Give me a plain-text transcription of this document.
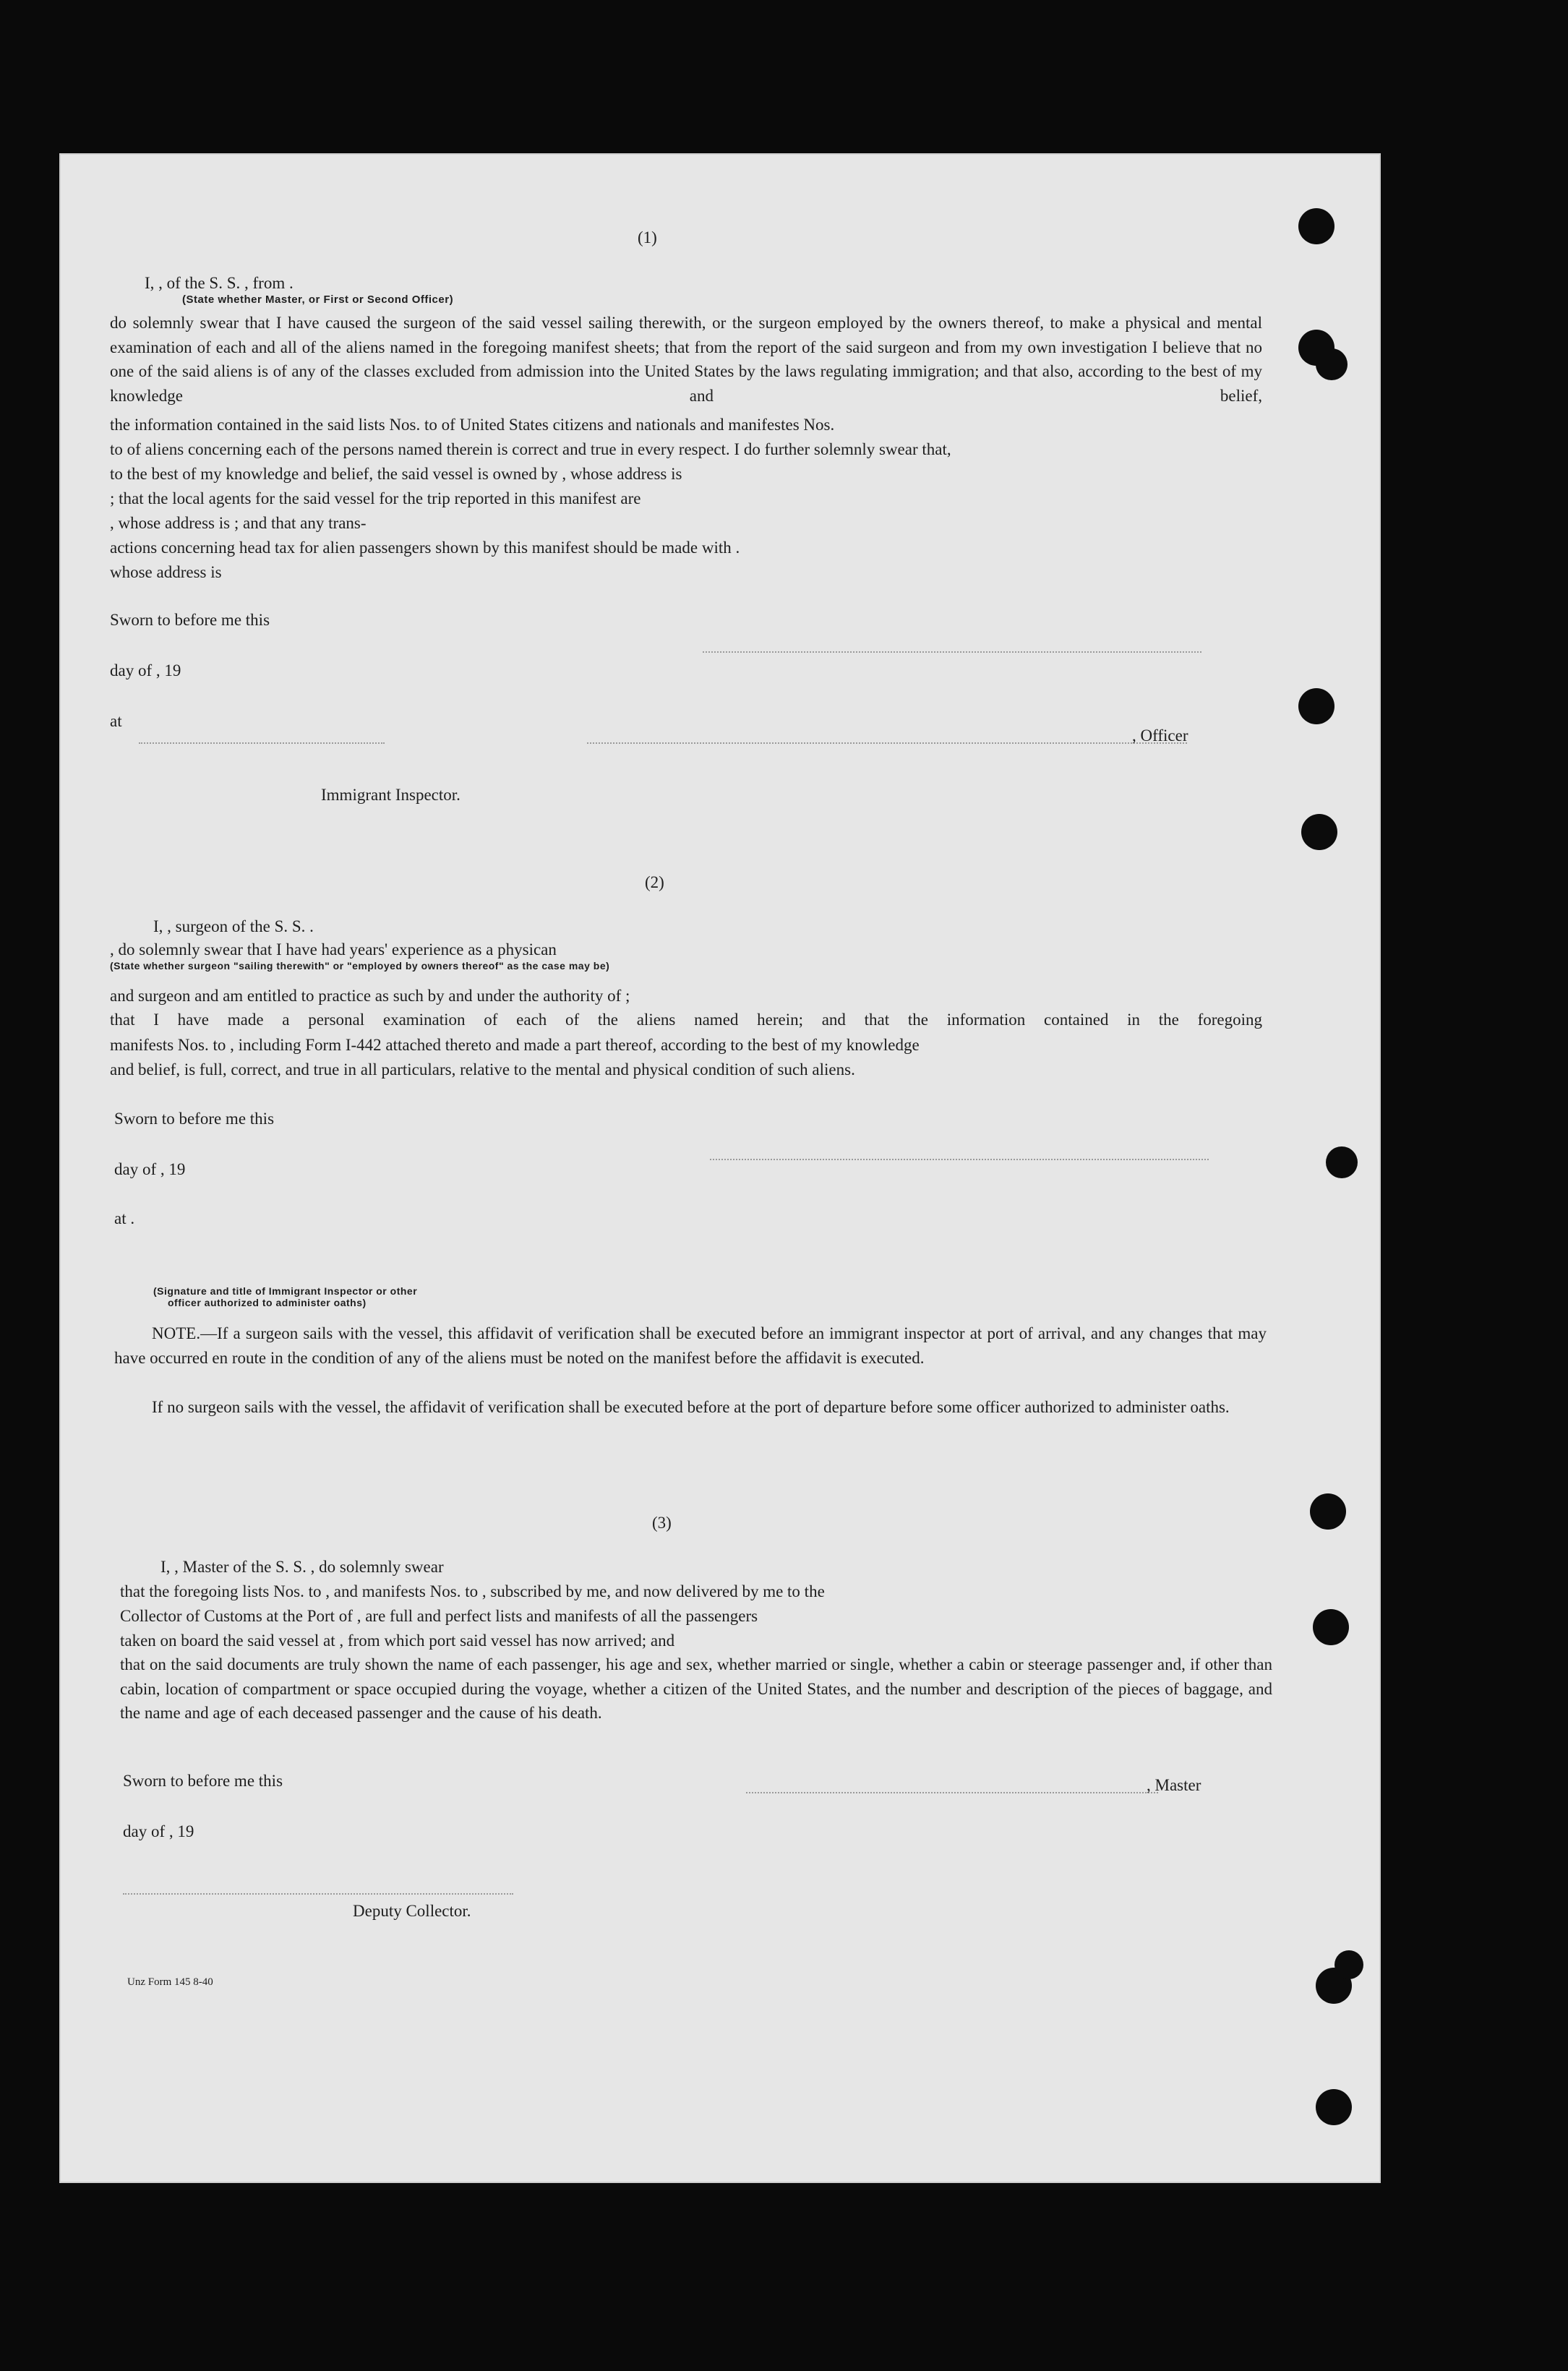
(1)
I, , of the S. S. , from .
(State whether Master, or First or Second Officer)
do solemnly swear that I have caused the surgeon of the said vessel sailing therewith, or the surgeon employed by the owners thereof, to make a physical and mental examination of each and all of the aliens named in the foregoing manifest sheets; that from the report of the said surgeon and from my own investigation I believe that no one of the said aliens is of any of the classes excluded from admission into the United States by the laws regulating immigration; and that also, according to the best of my knowledge and belief,
the information contained in the said lists Nos. to of United States citizens and nationals and manifestes Nos.
to of aliens concerning each of the persons named therein is correct and true in every respect. I do further solemnly swear that,
to the best of my knowledge and belief, the said vessel is owned by , whose address is
; that the local agents for the said vessel for the trip reported in this manifest are
, whose address is ; and that any trans-
actions concerning head tax for alien passengers shown by this manifest should be made with .
whose address is
Sworn to before me this
day of , 19
at
, Officer
Immigrant Inspector.
(2)
I, , surgeon of the S. S. .
, do solemnly swear that I have had years' experience as a physican
(State whether surgeon "sailing therewith" or "employed by owners thereof" as the case may be)
and surgeon and am entitled to practice as such by and under the authority of ;
that I have made a personal examination of each of the aliens named herein; and that the information contained in the foregoing
manifests Nos. to , including Form I-442 attached thereto and made a part thereof, according to the best of my knowledge
and belief, is full, correct, and true in all particulars, relative to the mental and physical condition of such aliens.
Sworn to before me this
day of , 19
at .
(Signature and title of Immigrant Inspector or other
officer authorized to administer oaths)
NOTE.—If a surgeon sails with the vessel, this affidavit of verification shall be executed before an immigrant inspector at port of arrival, and any changes that may have occurred en route in the condition of any of the aliens must be noted on the manifest before the affidavit is executed.
If no surgeon sails with the vessel, the affidavit of verification shall be executed before at the port of departure before some officer authorized to administer oaths.
(3)
I, , Master of the S. S. , do solemnly swear
that the foregoing lists Nos. to , and manifests Nos. to , subscribed by me, and now delivered by me to the
Collector of Customs at the Port of , are full and perfect lists and manifests of all the passengers
taken on board the said vessel at , from which port said vessel has now arrived; and
that on the said documents are truly shown the name of each passenger, his age and sex, whether married or single, whether a cabin or steerage passenger and, if other than cabin, location of compartment or space occupied during the voyage, whether a citizen of the United States, and the number and description of the pieces of baggage, and the name and age of each deceased passenger and the cause of his death.
Sworn to before me this	, Master
day of , 19
Deputy Collector.
Unz Form 145 8-40
